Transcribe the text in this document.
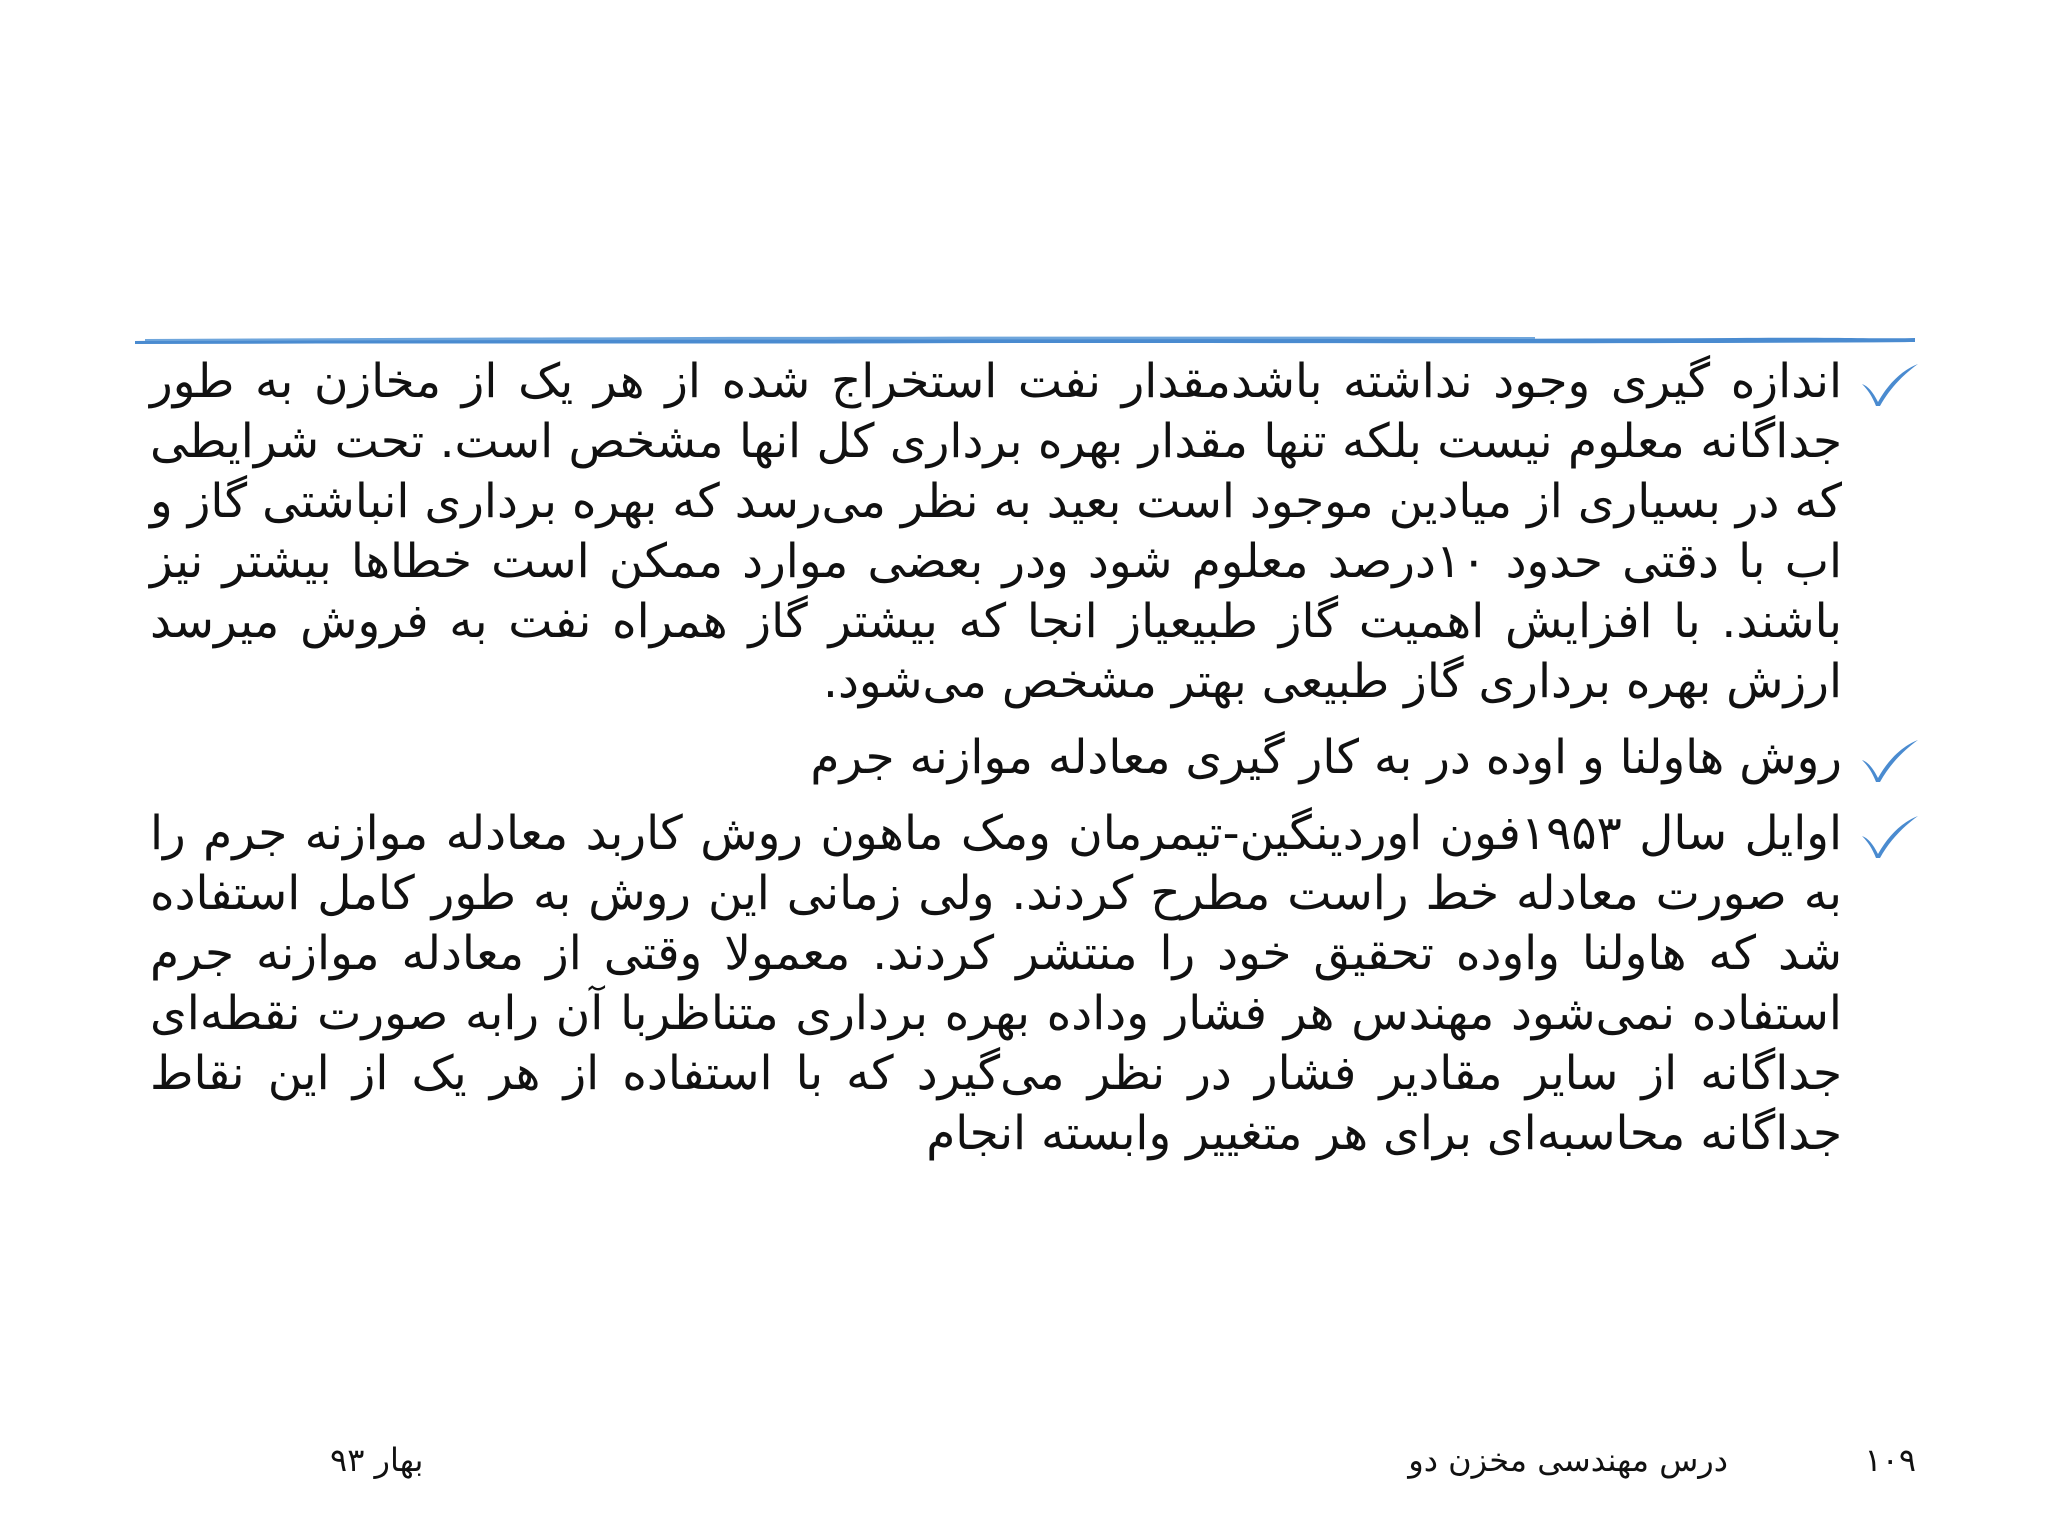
اندازه گیری وجود نداشته باشدمقدار نفت استخراج شده از هر یک از مخازن به طور جداگانه معلوم نیست بلکه تنها مقدار بهره برداری کل انها مشخص است. تحت شرایطی که در بسیاری از میادین موجود است بعید به نظر می‌رسد که بهره برداری انباشتی گاز و اب با دقتی حدود ۱۰درصد معلوم شود ودر بعضی موارد ممکن است خطاها بیشتر نیز باشند. با افزایش اهمیت گاز طبیعیاز انجا که بیشتر گاز همراه نفت به فروش میرسد ارزش بهره برداری گاز طبیعی بهتر مشخص می‌شود.
روش هاولنا و اوده در به کار گیری معادله موازنه جرم
اوایل سال ۱۹۵۳فون اوردینگین-تیمرمان ومک ماهون روش کاربد معادله موازنه جرم را به صورت معادله خط راست مطرح کردند. ولی زمانی این روش به طور کامل استفاده شد که هاولنا واوده تحقیق خود را منتشر کردند. معمولا وقتی از معادله موازنه جرم استفاده نمی‌شود مهندس هر فشار وداده بهره برداری متناظربا آن رابه صورت نقطه‌ای جداگانه از سایر مقادیر فشار در نظر می‌گیرد که با استفاده از هر یک از این نقاط جداگانه محاسبه‌ای برای هر متغییر وابسته انجام
۱۰۹
درس مهندسی مخزن دو
بهار ۹۳
